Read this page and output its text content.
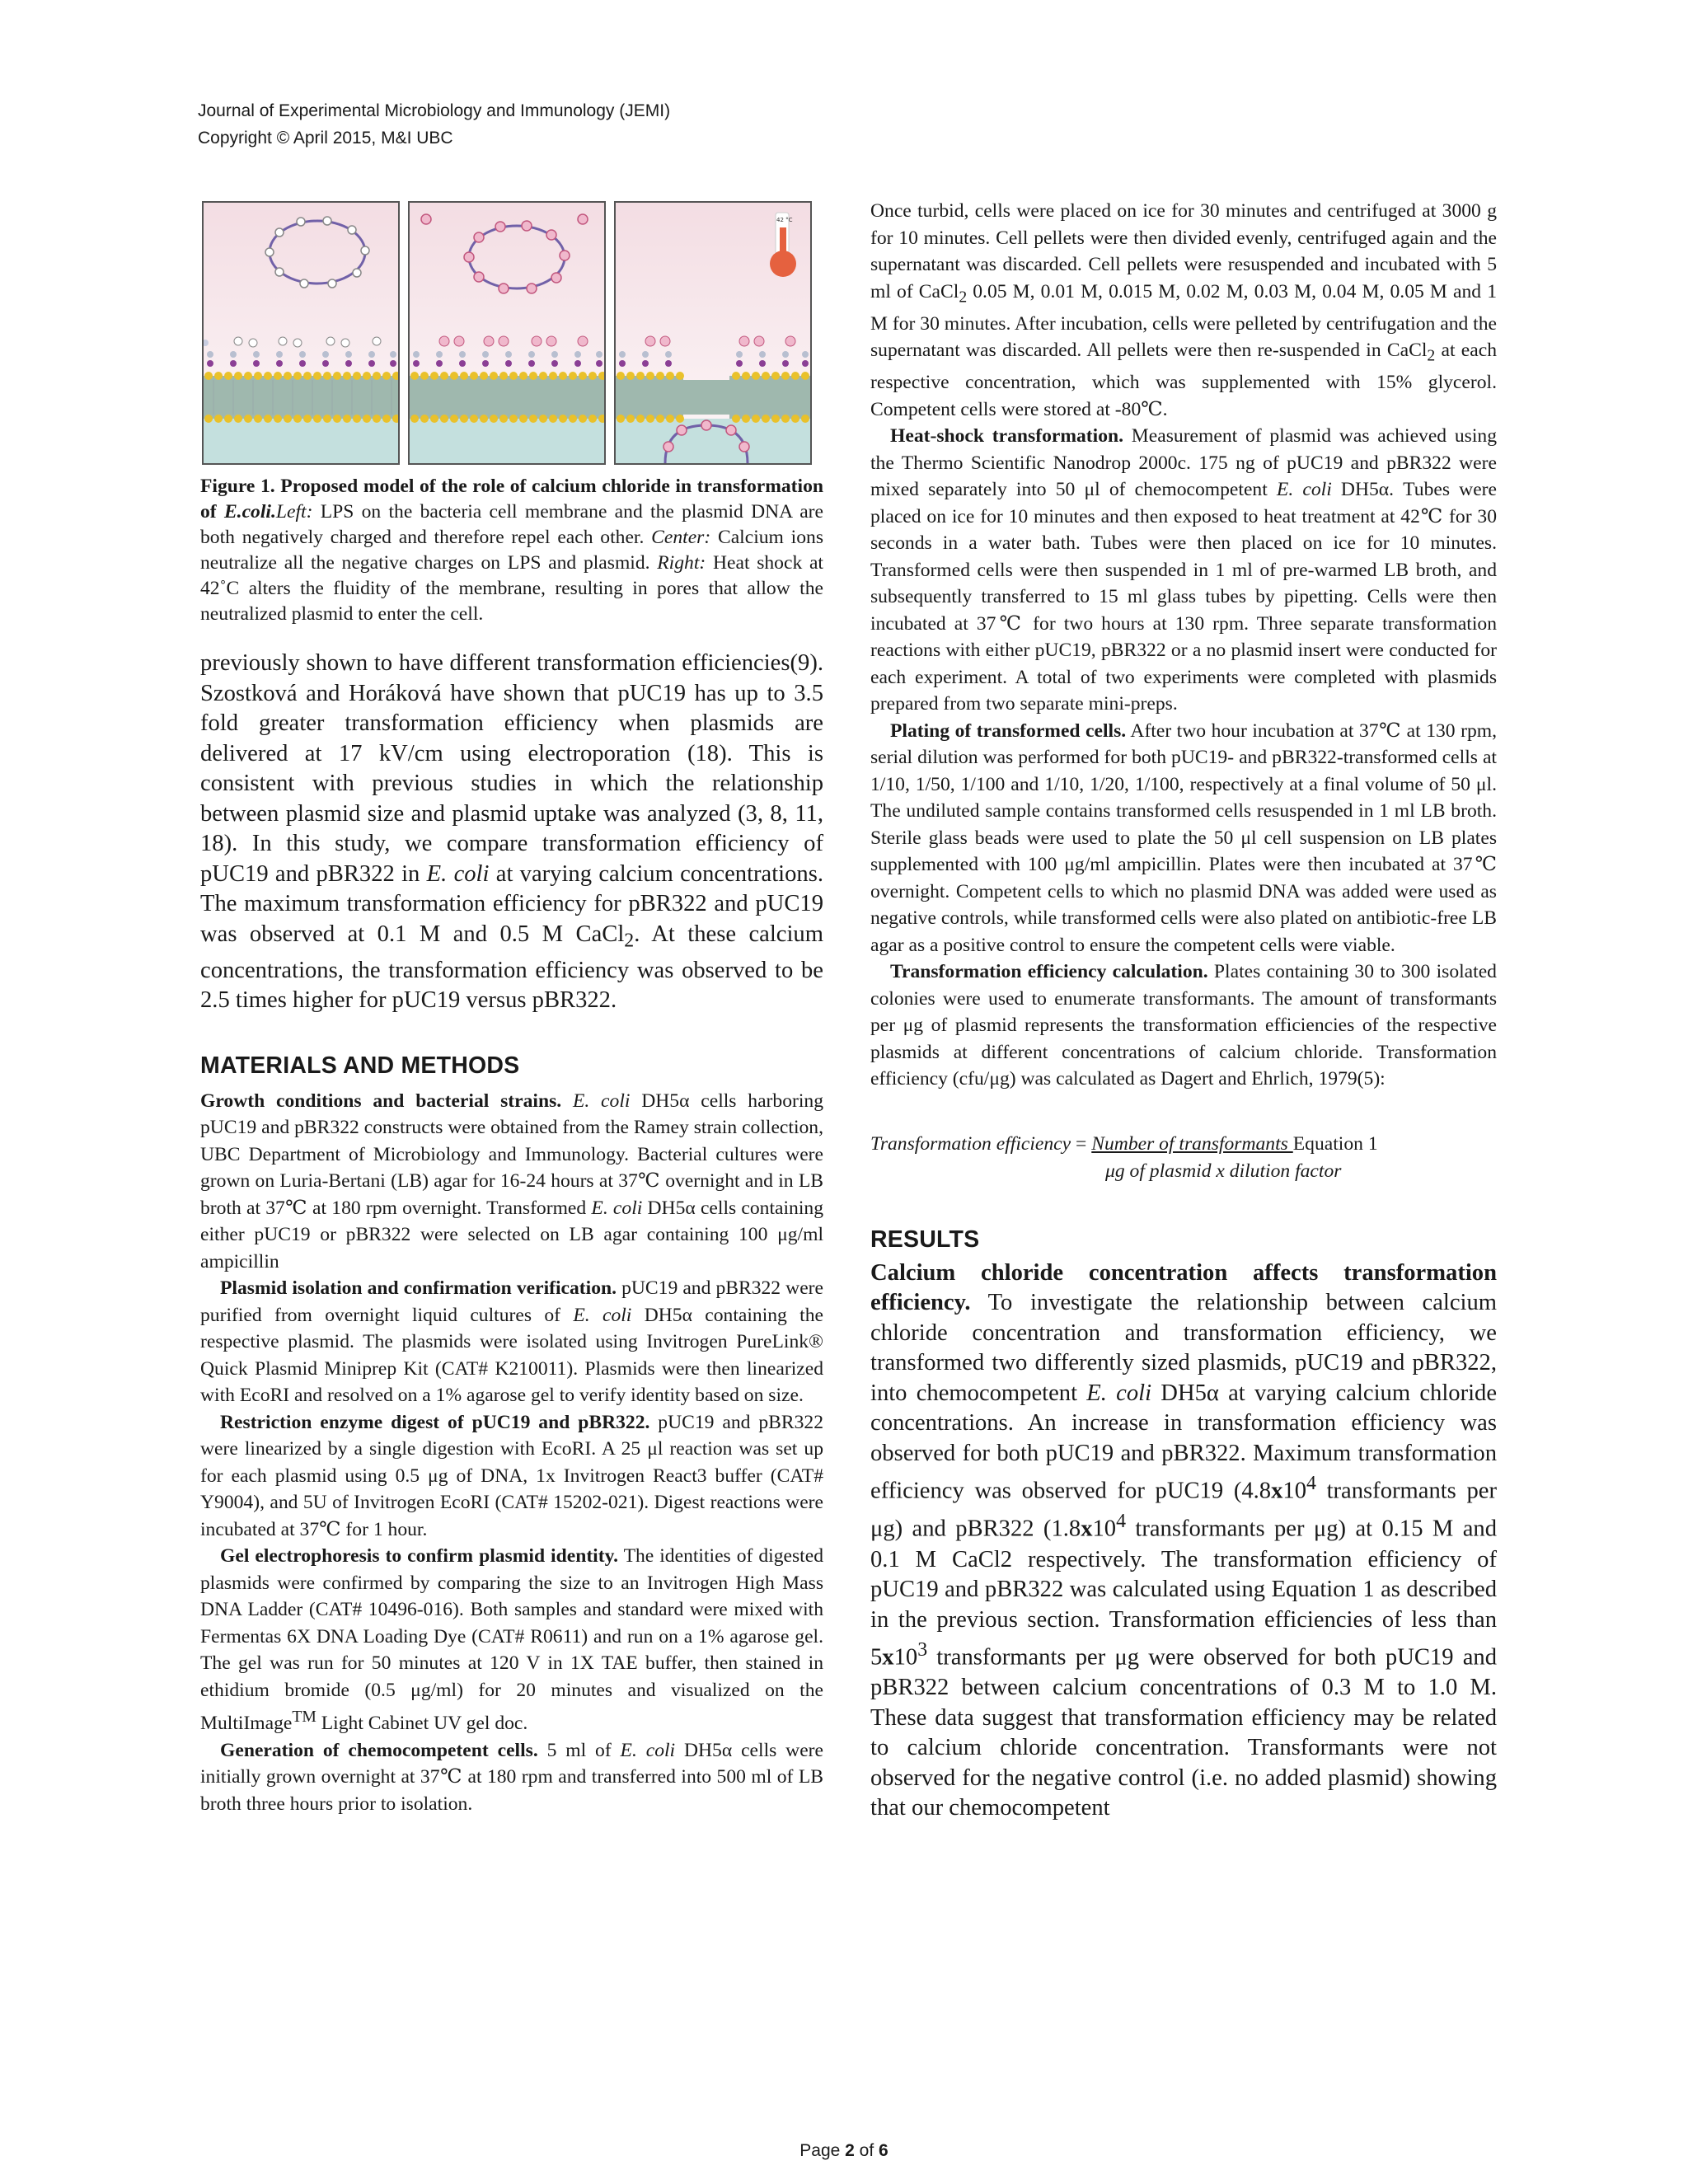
Journal of Experimental Microbiology and Immunology (JEMI)
Copyright © April 2015, M&I UBC
42 °C

Figure 1. Proposed model of the role of calcium chloride in transformation of E.coli.Left: LPS on the bacteria cell membrane and the plasmid DNA are both negatively charged and therefore repel each other. Center: Calcium ions neutralize all the negative charges on LPS and plasmid. Right: Heat shock at 42˚C alters the fluidity of the membrane, resulting in pores that allow the neutralized plasmid to enter the cell.

previously shown to have different transformation efficiencies(9). Szostková and Horáková have shown that pUC19 has up to 3.5 fold greater transformation efficiency when plasmids are delivered at 17 kV/cm using electroporation (18). This is consistent with previous studies in which the relationship between plasmid size and plasmid uptake was analyzed (3, 8, 11, 18). In this study, we compare transformation efficiency of pUC19 and pBR322 in E. coli at varying calcium concentrations. The maximum transformation efficiency for pBR322 and pUC19 was observed at 0.1 M and 0.5 M CaCl$_2$. At these calcium concentrations, the transformation efficiency was observed to be 2.5 times higher for pUC19 versus pBR322.

MATERIALS AND METHODS

Growth conditions and bacterial strains. E. coli DH5α cells harboring pUC19 and pBR322 constructs were obtained from the Ramey strain collection, UBC Department of Microbiology and Immunology. Bacterial cultures were grown on Luria-Bertani (LB) agar for 16-24 hours at 37℃ overnight and in LB broth at 37℃ at 180 rpm overnight. Transformed E. coli DH5α cells containing either pUC19 or pBR322 were selected on LB agar containing 100 μg/ml ampicillin

Plasmid isolation and confirmation verification. pUC19 and pBR322 were purified from overnight liquid cultures of E. coli DH5α containing the respective plasmid. The plasmids were isolated using Invitrogen PureLink® Quick Plasmid Miniprep Kit (CAT# K210011). Plasmids were then linearized with EcoRI and resolved on a 1% agarose gel to verify identity based on size.

Restriction enzyme digest of pUC19 and pBR322. pUC19 and pBR322 were linearized by a single digestion with EcoRI. A 25 μl reaction was set up for each plasmid using 0.5 μg of DNA, 1x Invitrogen React3 buffer (CAT# Y9004), and 5U of Invitrogen EcoRI (CAT# 15202-021). Digest reactions were incubated at 37℃ for 1 hour.

Gel electrophoresis to confirm plasmid identity. The identities of digested plasmids were confirmed by comparing the size to an Invitrogen High Mass DNA Ladder (CAT# 10496-016). Both samples and standard were mixed with Fermentas 6X DNA Loading Dye (CAT# R0611) and run on a 1% agarose gel. The gel was run for 50 minutes at 120 V in 1X TAE buffer, then stained in ethidium bromide (0.5 μg/ml) for 20 minutes and visualized on the MultiImage™ Light Cabinet UV gel doc.

Generation of chemocompetent cells. 5 ml of E. coli DH5α cells were initially grown overnight at 37℃ at 180 rpm and transferred into 500 ml of LB broth three hours prior to isolation.

Once turbid, cells were placed on ice for 30 minutes and centrifuged at 3000 g for 10 minutes. Cell pellets were then divided evenly, centrifuged again and the supernatant was discarded. Cell pellets were resuspended and incubated with 5 ml of CaCl$_2$ 0.05 M, 0.01 M, 0.015 M, 0.02 M, 0.03 M, 0.04 M, 0.05 M and 1 M for 30 minutes. After incubation, cells were pelleted by centrifugation and the supernatant was discarded. All pellets were then re-suspended in CaCl$_2$ at each respective concentration, which was supplemented with 15% glycerol. Competent cells were stored at -80℃.

Heat-shock transformation. Measurement of plasmid was achieved using the Thermo Scientific Nanodrop 2000c. 175 ng of pUC19 and pBR322 were mixed separately into 50 μl of chemocompetent E. coli DH5α. Tubes were placed on ice for 10 minutes and then exposed to heat treatment at 42℃ for 30 seconds in a water bath. Tubes were then placed on ice for 10 minutes. Transformed cells were then suspended in 1 ml of pre-warmed LB broth, and subsequently transferred to 15 ml glass tubes by pipetting. Cells were then incubated at 37℃ for two hours at 130 rpm. Three separate transformation reactions with either pUC19, pBR322 or a no plasmid insert were conducted for each experiment. A total of two experiments were completed with plasmids prepared from two separate mini-preps.

Plating of transformed cells. After two hour incubation at 37℃ at 130 rpm, serial dilution was performed for both pUC19- and pBR322-transformed cells at 1/10, 1/50, 1/100 and 1/10, 1/20, 1/100, respectively at a final volume of 50 μl. The undiluted sample contains transformed cells resuspended in 1 ml LB broth. Sterile glass beads were used to plate the 50 μl cell suspension on LB plates supplemented with 100 μg/ml ampicillin. Plates were then incubated at 37℃ overnight. Competent cells to which no plasmid DNA was added were used as negative controls, while transformed cells were also plated on antibiotic-free LB agar as a positive control to ensure the competent cells were viable.

Transformation efficiency calculation. Plates containing 30 to 300 isolated colonies were used to enumerate transformants. The amount of transformants per μg of plasmid represents the transformation efficiencies of the respective plasmids at different concentrations of calcium chloride. Transformation efficiency (cfu/μg) was calculated as Dagert and Ehrlich, 1979(5):

Transformation efficiency = Number of transformants Equation 1
μg of plasmid x dilution factor
RESULTS

Calcium chloride concentration affects transformation efficiency. To investigate the relationship between calcium chloride concentration and transformation efficiency, we transformed two differently sized plasmids, pUC19 and pBR322, into chemocompetent E. coli DH5α at varying calcium chloride concentrations. An increase in transformation efficiency was observed for both pUC19 and pBR322. Maximum transformation efficiency was observed for pUC19 ($4.8x10^4$ transformants per μg) and pBR322 ($1.8x10^4$ transformants per μg) at 0.15 M and 0.1 M CaCl2 respectively. The transformation efficiency of pUC19 and pBR322 was calculated using Equation 1 as described in the previous section. Transformation efficiencies of less than $5x10^3$ transformants per μg were observed for both pUC19 and pBR322 between calcium concentrations of 0.3 M to 1.0 M. These data suggest that transformation efficiency may be related to calcium chloride concentration. Transformants were not observed for the negative control (i.e. no added plasmid) showing that our chemocompetent

Page 2 of 6
